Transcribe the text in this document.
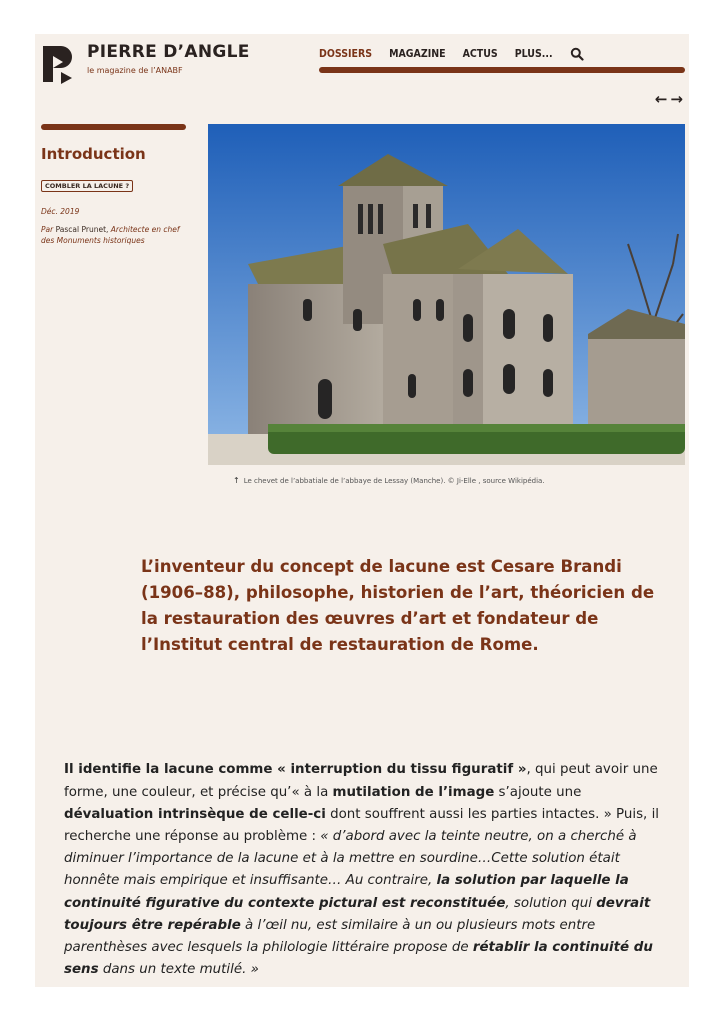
PIERRE D’ANGLE
le magazine de l’ANABF
DOSSIERS MAGAZINE ACTUS PLUS...
← →
Introduction
COMBLER LA LACUNE ?
Déc. 2019
Par Pascal Prunet, Architecte en chef des Monuments historiques
↑ Le chevet de l’abbatiale de l’abbaye de Lessay (Manche). © Ji-Elle , source Wikipédia.
L’inventeur du concept de lacune est Cesare Brandi (1906–88), philosophe, historien de l’art, théoricien de la restauration des œuvres d’art et fondateur de l’Institut central de restauration de Rome.

Il identifie la lacune comme « interruption du tissu figuratif », qui peut avoir une forme, une couleur, et précise qu’« à la mutilation de l’image s’ajoute une dévaluation intrinsèque de celle-ci dont souffrent aussi les parties intactes. » Puis, il recherche une réponse au problème : « d’abord avec la teinte neutre, on a cherché à diminuer l’importance de la lacune et à la mettre en sourdine…Cette solution était honnête mais empirique et insuffisante… Au contraire, la solution par laquelle la continuité figurative du contexte pictural est reconstituée, solution qui devrait toujours être repérable à l’œil nu, est similaire à un ou plusieurs mots entre parenthèses avec lesquels la philologie littéraire propose de rétablir la continuité du sens dans un texte mutilé. »
